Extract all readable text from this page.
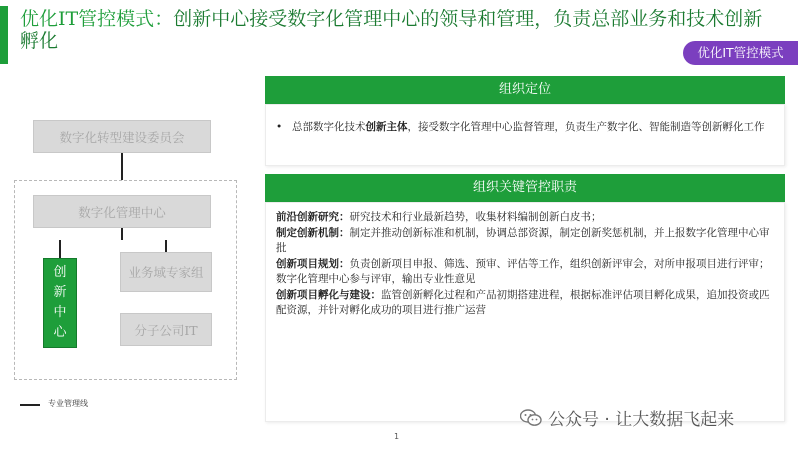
优化IT管控模式：创新中心接受数字化管理中心的领导和管理，负责总部业务和技术创新孵化
优化IT管控模式
数字化转型建设委员会
数字化管理中心
创
新
中
心
业务域专家组
分子公司IT
专业管理线
组织定位
• 总部数字化技术创新主体，接受数字化管理中心监督管理，负责生产数字化、智能制造等创新孵化工作
组织关键管控职责
前沿创新研究：研究技术和行业最新趋势，收集材料编制创新白皮书；
制定创新机制：制定并推动创新标准和机制，协调总部资源，制定创新奖惩机制，并上报数字化管理中心审批
创新项目规划：负责创新项目申报、筛选、预审、评估等工作，组织创新评审会，对所申报项目进行评审；数字化管理中心参与评审，输出专业性意见
创新项目孵化与建设：监管创新孵化过程和产品初期搭建进程，根据标准评估项目孵化成果，追加投资或匹配资源，并针对孵化成功的项目进行推广运营
1
公众号 · 让大数据飞起来
